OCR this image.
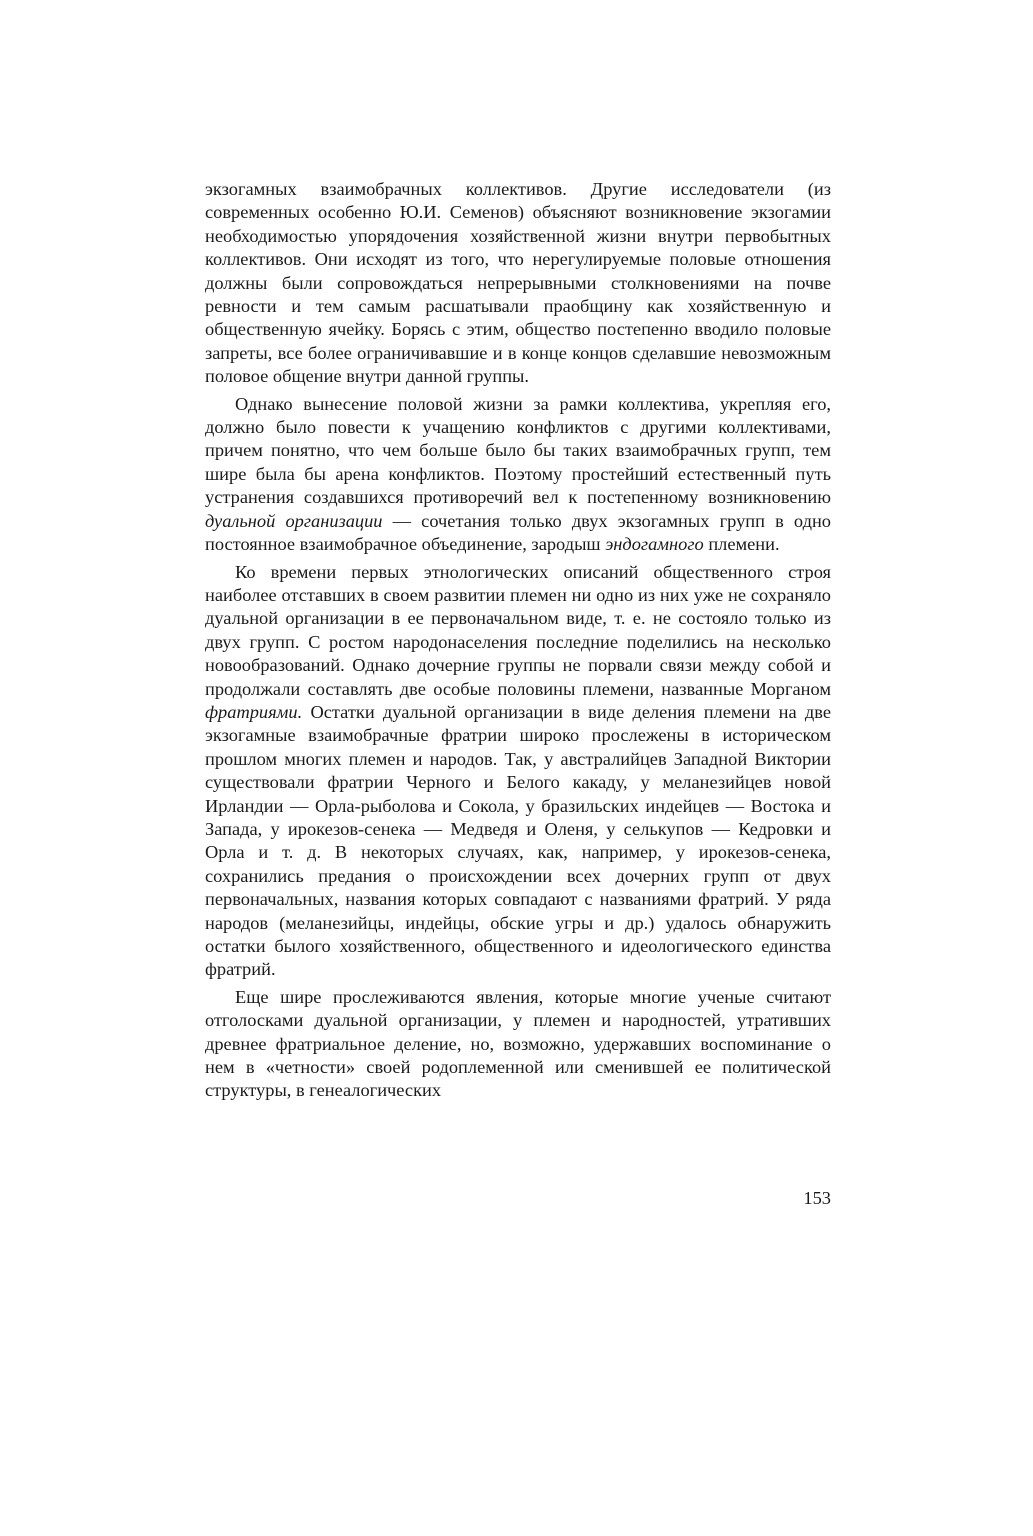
экзогамных взаимобрачных коллективов. Другие исследователи (из современных особенно Ю.И. Семенов) объясняют возникновение экзогамии необходимостью упорядочения хозяйственной жизни внутри первобытных коллективов. Они исходят из того, что нерегулируемые половые отношения должны были сопровождаться непрерывными столкновениями на почве ревности и тем самым расшатывали праобщину как хозяйственную и общественную ячейку. Борясь с этим, общество постепенно вводило половые запреты, все более ограничивавшие и в конце концов сделавшие невозможным половое общение внутри данной группы.

Однако вынесение половой жизни за рамки коллектива, укрепляя его, должно было повести к учащению конфликтов с другими коллективами, причем понятно, что чем больше было бы таких взаимобрачных групп, тем шире была бы арена конфликтов. Поэтому простейший естественный путь устранения создавшихся противоречий вел к постепенному возникновению дуальной организации — сочетания только двух экзогамных групп в одно постоянное взаимобрачное объединение, зародыш эндогамного племени.

Ко времени первых этнологических описаний общественного строя наиболее отставших в своем развитии племен ни одно из них уже не сохраняло дуальной организации в ее первоначальном виде, т. е. не состояло только из двух групп. С ростом народонаселения последние поделились на несколько новообразований. Однако дочерние группы не порвали связи между собой и продолжали составлять две особые половины племени, названные Морганом фратриями. Остатки дуальной организации в виде деления племени на две экзогамные взаимобрачные фратрии широко прослежены в историческом прошлом многих племен и народов. Так, у австралийцев Западной Виктории существовали фратрии Черного и Белого какаду, у меланезийцев новой Ирландии — Орла-рыболова и Сокола, у бразильских индейцев — Востока и Запада, у ирокезов-сенека — Медведя и Оленя, у селькупов — Кедровки и Орла и т. д. В некоторых случаях, как, например, у ирокезов-сенека, сохранились предания о происхождении всех дочерних групп от двух первоначальных, названия которых совпадают с названиями фратрий. У ряда народов (меланезийцы, индейцы, обские угры и др.) удалось обнаружить остатки былого хозяйственного, общественного и идеологического единства фратрий.

Еще шире прослеживаются явления, которые многие ученые считают отголосками дуальной организации, у племен и народностей, утративших древнее фратриальное деление, но, возможно, удержавших воспоминание о нем в «четности» своей родоплеменной или сменившей ее политической структуры, в генеалогических

153
